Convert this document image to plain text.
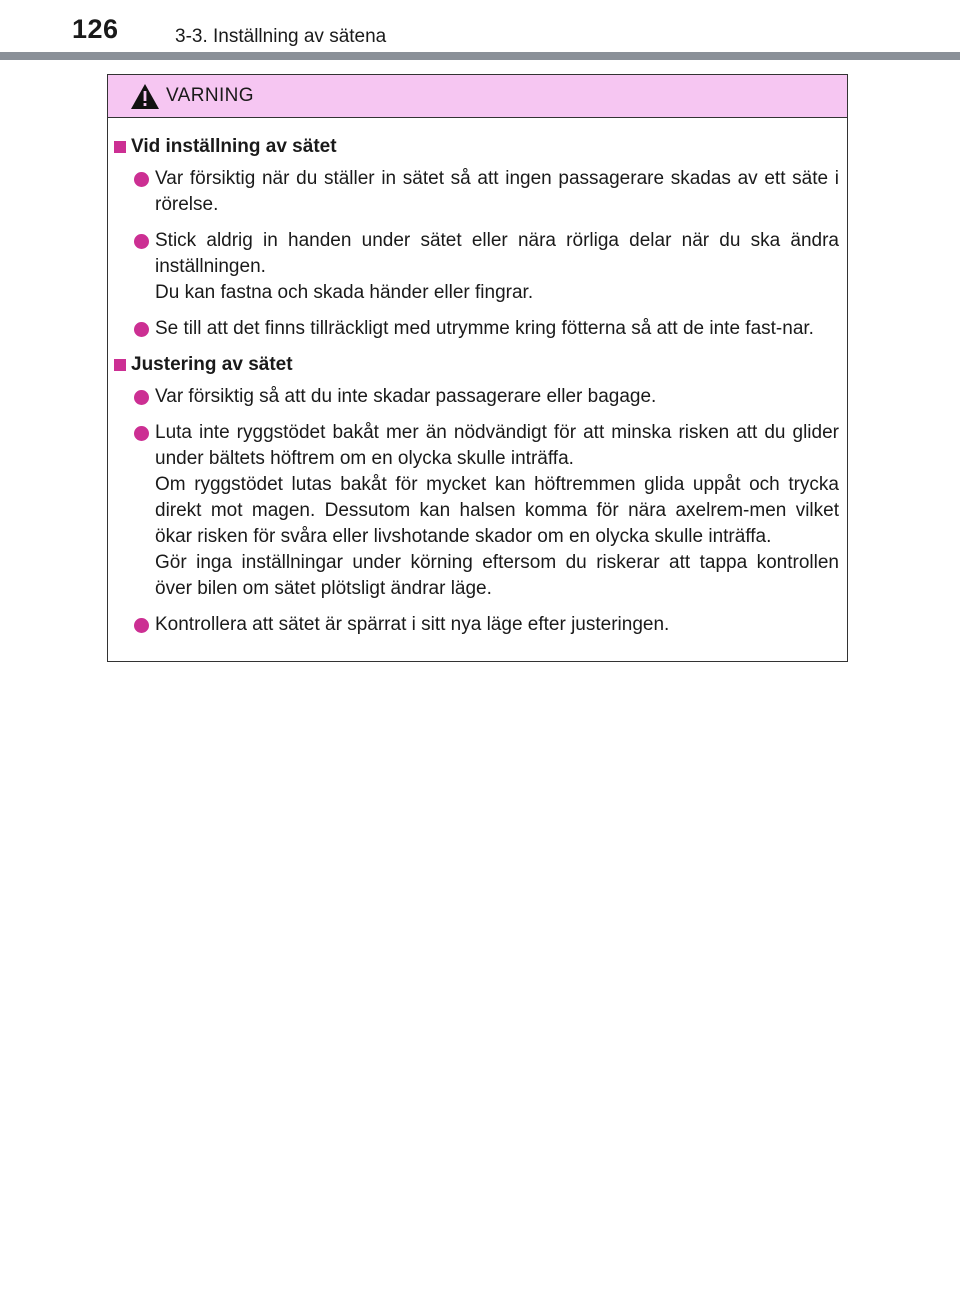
126	3-3. Inställning av sätena
VARNING
Vid inställning av sätet
Var försiktig när du ställer in sätet så att ingen passagerare skadas av ett säte i rörelse.
Stick aldrig in handen under sätet eller nära rörliga delar när du ska ändra inställningen.
Du kan fastna och skada händer eller fingrar.
Se till att det finns tillräckligt med utrymme kring fötterna så att de inte fast-nar.
Justering av sätet
Var försiktig så att du inte skadar passagerare eller bagage.
Luta inte ryggstödet bakåt mer än nödvändigt för att minska risken att du glider under bältets höftrem om en olycka skulle inträffa.
Om ryggstödet lutas bakåt för mycket kan höftremmen glida uppåt och trycka direkt mot magen. Dessutom kan halsen komma för nära axelrem-men vilket ökar risken för svåra eller livshotande skador om en olycka skulle inträffa.
Gör inga inställningar under körning eftersom du riskerar att tappa kontrollen över bilen om sätet plötsligt ändrar läge.
Kontrollera att sätet är spärrat i sitt nya läge efter justeringen.
